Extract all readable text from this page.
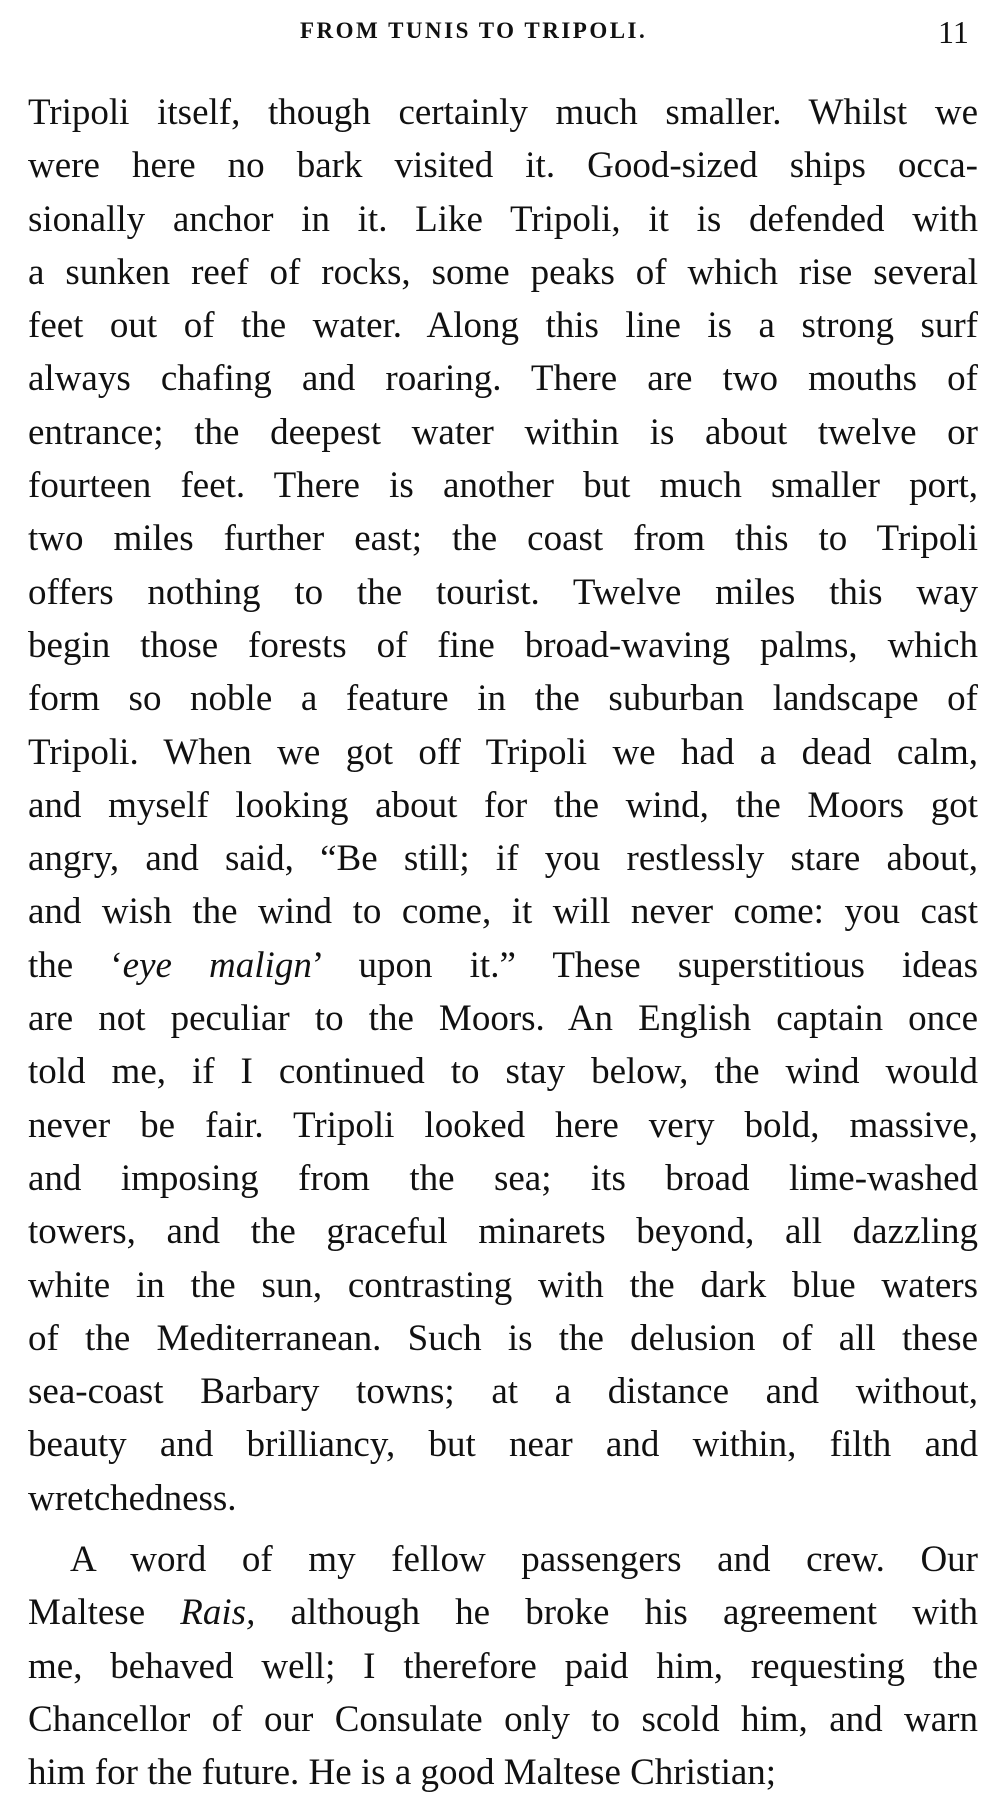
FROM TUNIS TO TRIPOLI.	11
Tripoli itself, though certainly much smaller. Whilst we
were here no bark visited it. Good-sized ships occa-
sionally anchor in it. Like Tripoli, it is defended with
a sunken reef of rocks, some peaks of which rise several
feet out of the water. Along this line is a strong surf
always chafing and roaring. There are two mouths of
entrance; the deepest water within is about twelve or
fourteen feet. There is another but much smaller port,
two miles further east; the coast from this to Tripoli
offers nothing to the tourist. Twelve miles this way
begin those forests of fine broad-waving palms, which
form so noble a feature in the suburban landscape of
Tripoli. When we got off Tripoli we had a dead calm,
and myself looking about for the wind, the Moors got
angry, and said, “Be still; if you restlessly stare about,
and wish the wind to come, it will never come: you cast
the ‘eye malign’ upon it.” These superstitious ideas
are not peculiar to the Moors. An English captain once
told me, if I continued to stay below, the wind would
never be fair. Tripoli looked here very bold, massive,
and imposing from the sea; its broad lime-washed
towers, and the graceful minarets beyond, all dazzling
white in the sun, contrasting with the dark blue waters
of the Mediterranean. Such is the delusion of all these
sea-coast Barbary towns; at a distance and without,
beauty and brilliancy, but near and within, filth and
wretchedness.
A word of my fellow passengers and crew. Our
Maltese Rais, although he broke his agreement with
me, behaved well; I therefore paid him, requesting the
Chancellor of our Consulate only to scold him, and warn
him for the future. He is a good Maltese Christian;
